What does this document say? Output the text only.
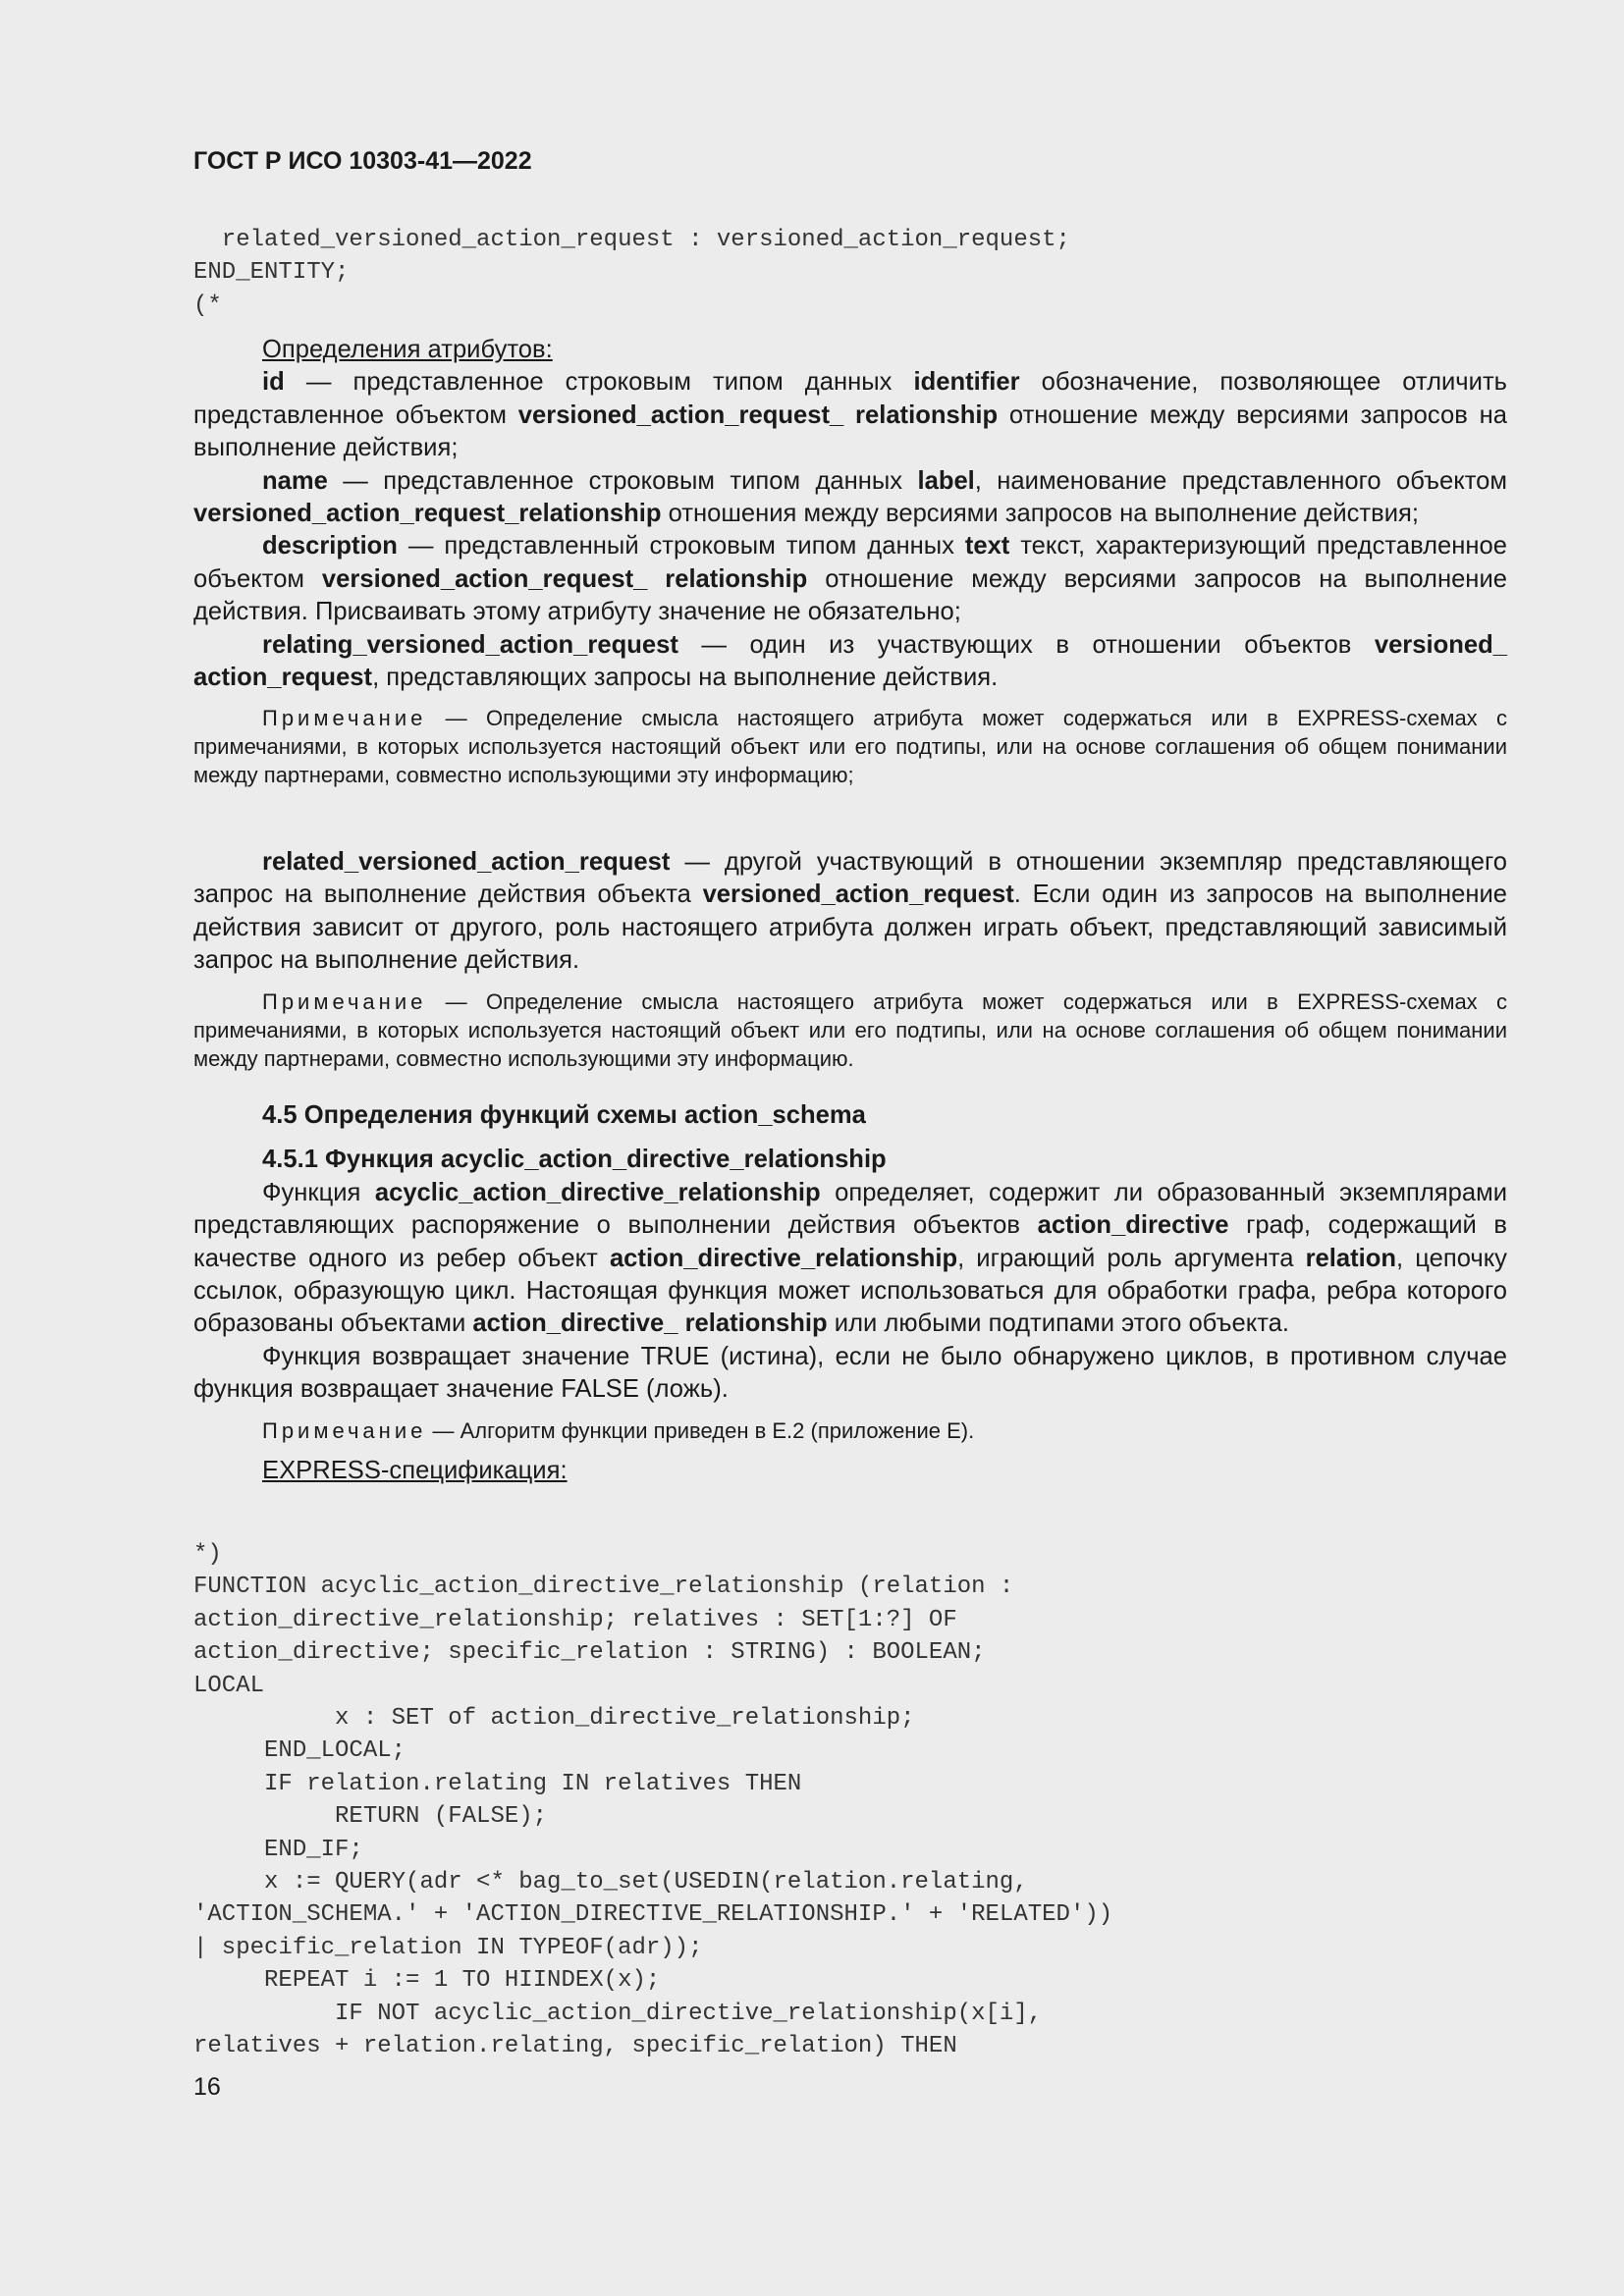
ГОСТ Р ИСО 10303-41—2022
related_versioned_action_request : versioned_action_request;
END_ENTITY;
(*

Определения атрибутов:

id — представленное строковым типом данных identifier обозначение, позволяющее отличить представленное объектом versioned_action_request_ relationship отношение между версиями запросов на выполнение действия;

name — представленное строковым типом данных label, наименование представленного объектом versioned_action_request_relationship отношения между версиями запросов на выполнение действия;

description — представленный строковым типом данных text текст, характеризующий представленное объектом versioned_action_request_ relationship отношение между версиями запросов на выполнение действия. Присваивать этому атрибуту значение не обязательно;

relating_versioned_action_request — один из участвующих в отношении объектов versioned_ action_request, представляющих запросы на выполнение действия.

Примечание — Определение смысла настоящего атрибута может содержаться или в EXPRESS-схемах с примечаниями, в которых используется настоящий объект или его подтипы, или на основе соглашения об общем понимании между партнерами, совместно использующими эту информацию;

related_versioned_action_request — другой участвующий в отношении экземпляр представляющего запрос на выполнение действия объекта versioned_action_request. Если один из запросов на выполнение действия зависит от другого, роль настоящего атрибута должен играть объект, представляющий зависимый запрос на выполнение действия.

Примечание — Определение смысла настоящего атрибута может содержаться или в EXPRESS-схемах с примечаниями, в которых используется настоящий объект или его подтипы, или на основе соглашения об общем понимании между партнерами, совместно использующими эту информацию.

4.5 Определения функций схемы action_schema

4.5.1 Функция acyclic_action_directive_relationship

Функция acyclic_action_directive_relationship определяет, содержит ли образованный экземплярами представляющих распоряжение о выполнении действия объектов action_directive граф, содержащий в качестве одного из ребер объект action_directive_relationship, играющий роль аргумента relation, цепочку ссылок, образующую цикл. Настоящая функция может использоваться для обработки графа, ребра которого образованы объектами action_directive_ relationship или любыми подтипами этого объекта.

Функция возвращает значение TRUE (истина), если не было обнаружено циклов, в противном случае функция возвращает значение FALSE (ложь).

Примечание — Алгоритм функции приведен в Е.2 (приложение Е).

EXPRESS-спецификация:

*)
FUNCTION acyclic_action_directive_relationship (relation :
action_directive_relationship; relatives : SET[1:?] OF
action_directive; specific_relation : STRING) : BOOLEAN;
LOCAL
x : SET of action_directive_relationship;
END_LOCAL;
IF relation.relating IN relatives THEN
RETURN (FALSE);
END_IF;
x := QUERY(adr <* bag_to_set(USEDIN(relation.relating,
'ACTION_SCHEMA.' + 'ACTION_DIRECTIVE_RELATIONSHIP.' + 'RELATED'))
| specific_relation IN TYPEOF(adr));
REPEAT i := 1 TO HIINDEX(x);
IF NOT acyclic_action_directive_relationship(x[i],
relatives + relation.relating, specific_relation) THEN
16
